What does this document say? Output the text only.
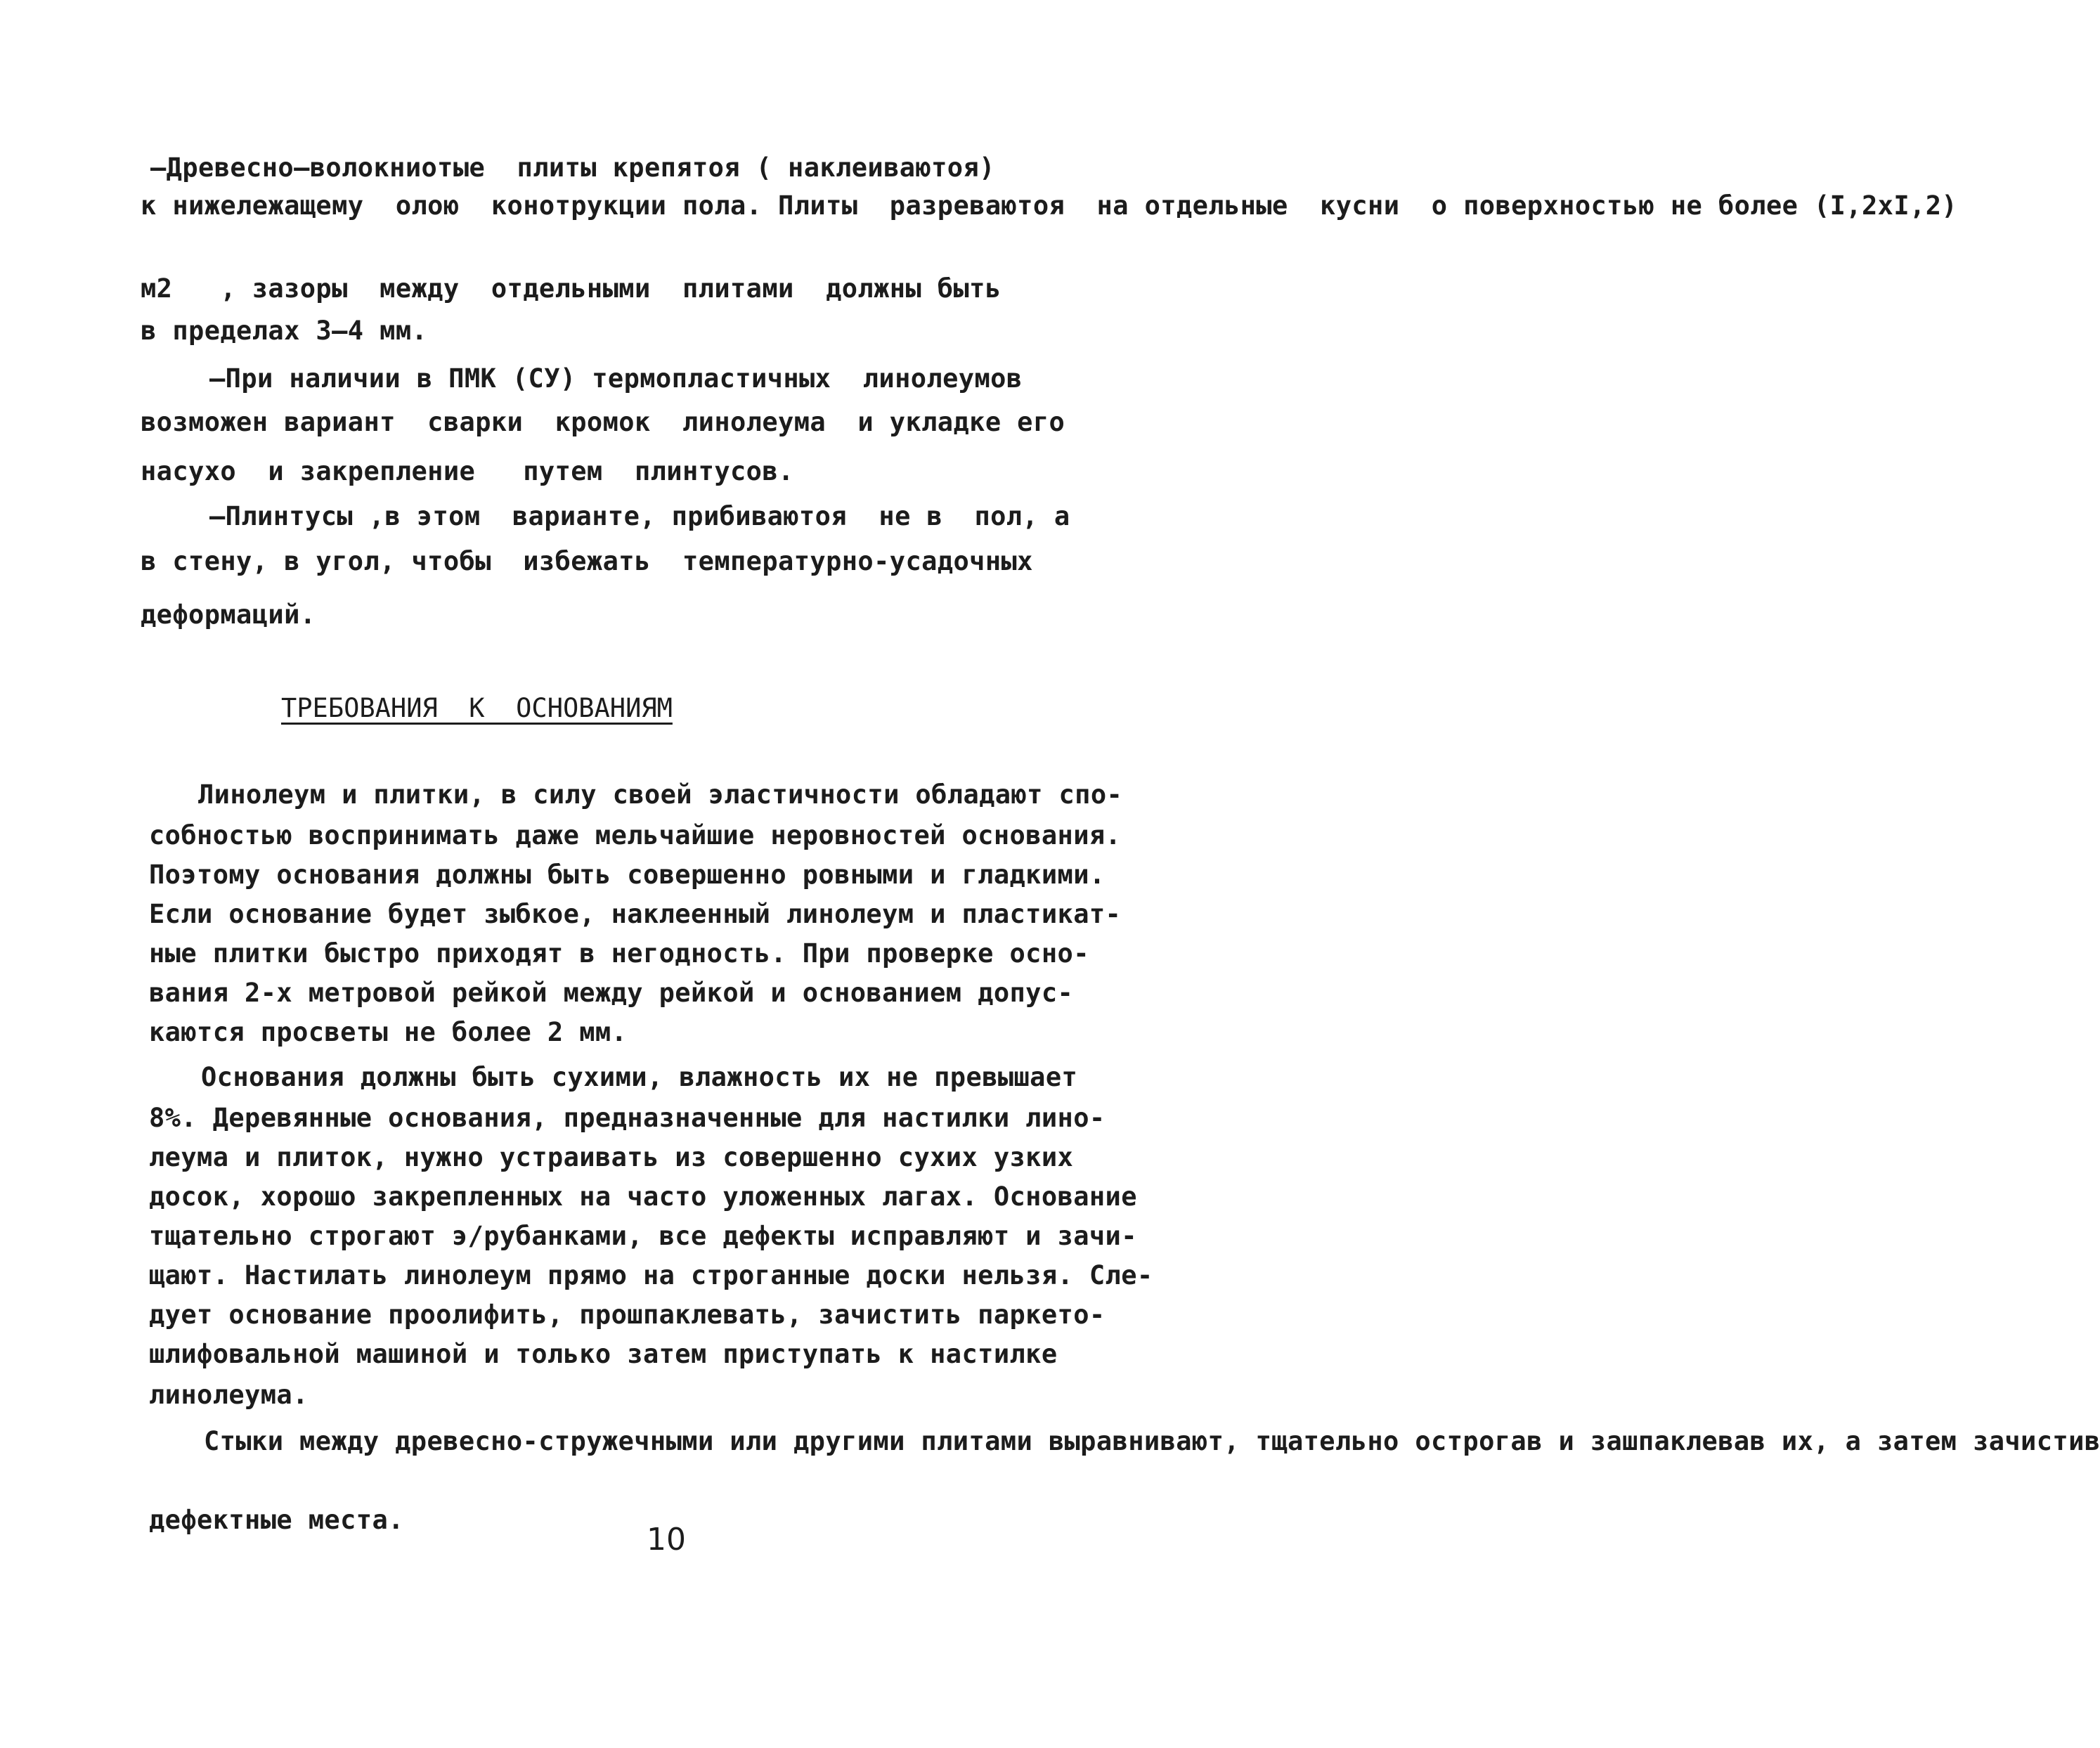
–Древесно–волокниотые  плиты крепятоя ( наклеиваютоя)
к нижележащему  олою  конотрукции пола. Плиты  разреваютоя  на отдельные  кусни  о поверхностью не более (I,2xI,2)
м2   , зазоры  между  отдельными  плитами  должны быть
в пределах 3–4 мм.
–При наличии в ПМК (СУ) термопластичных  линолеумов
возможен вариант  сварки  кромок  линолеума  и укладке его
насухо  и закрепление   путем  плинтусов.
–Плинтусы ,в этом  варианте, прибиваютоя  не в  пол, а
в стену, в угол, чтобы  избежать  температурно-усадочных
деформаций.
ТРЕБОВАНИЯ  К  ОСНОВАНИЯМ
Линолеум и плитки, в силу своей эластичности обладают спо-
собностью воспринимать даже мельчайшие неровностей основания.
Поэтому основания должны быть совершенно ровными и гладкими.
Если основание будет зыбкое, наклеенный линолеум и пластикат-
ные плитки быстро приходят в негодность. При проверке осно-
вания 2-х метровой рейкой между рейкой и основанием допус-
каются просветы не более 2 мм.
Основания должны быть сухими, влажность их не превышает
8%. Деревянные основания, предназначенные для настилки лино-
леума и плиток, нужно устраивать из совершенно сухих узких
досок, хорошо закрепленных на часто уложенных лагах. Основание
тщательно строгают э/рубанками, все дефекты исправляют и зачи-
щают. Настилать линолеум прямо на строганные доски нельзя. Сле-
дует основание проолифить, прошпаклевать, зачистить паркето-
шлифовальной машиной и только затем приступать к настилке
линолеума.
Стыки между древесно-стружечными или другими плитами выравнивают, тщательно острогав и зашпаклевав их, а затем зачистив
дефектные места.
10
